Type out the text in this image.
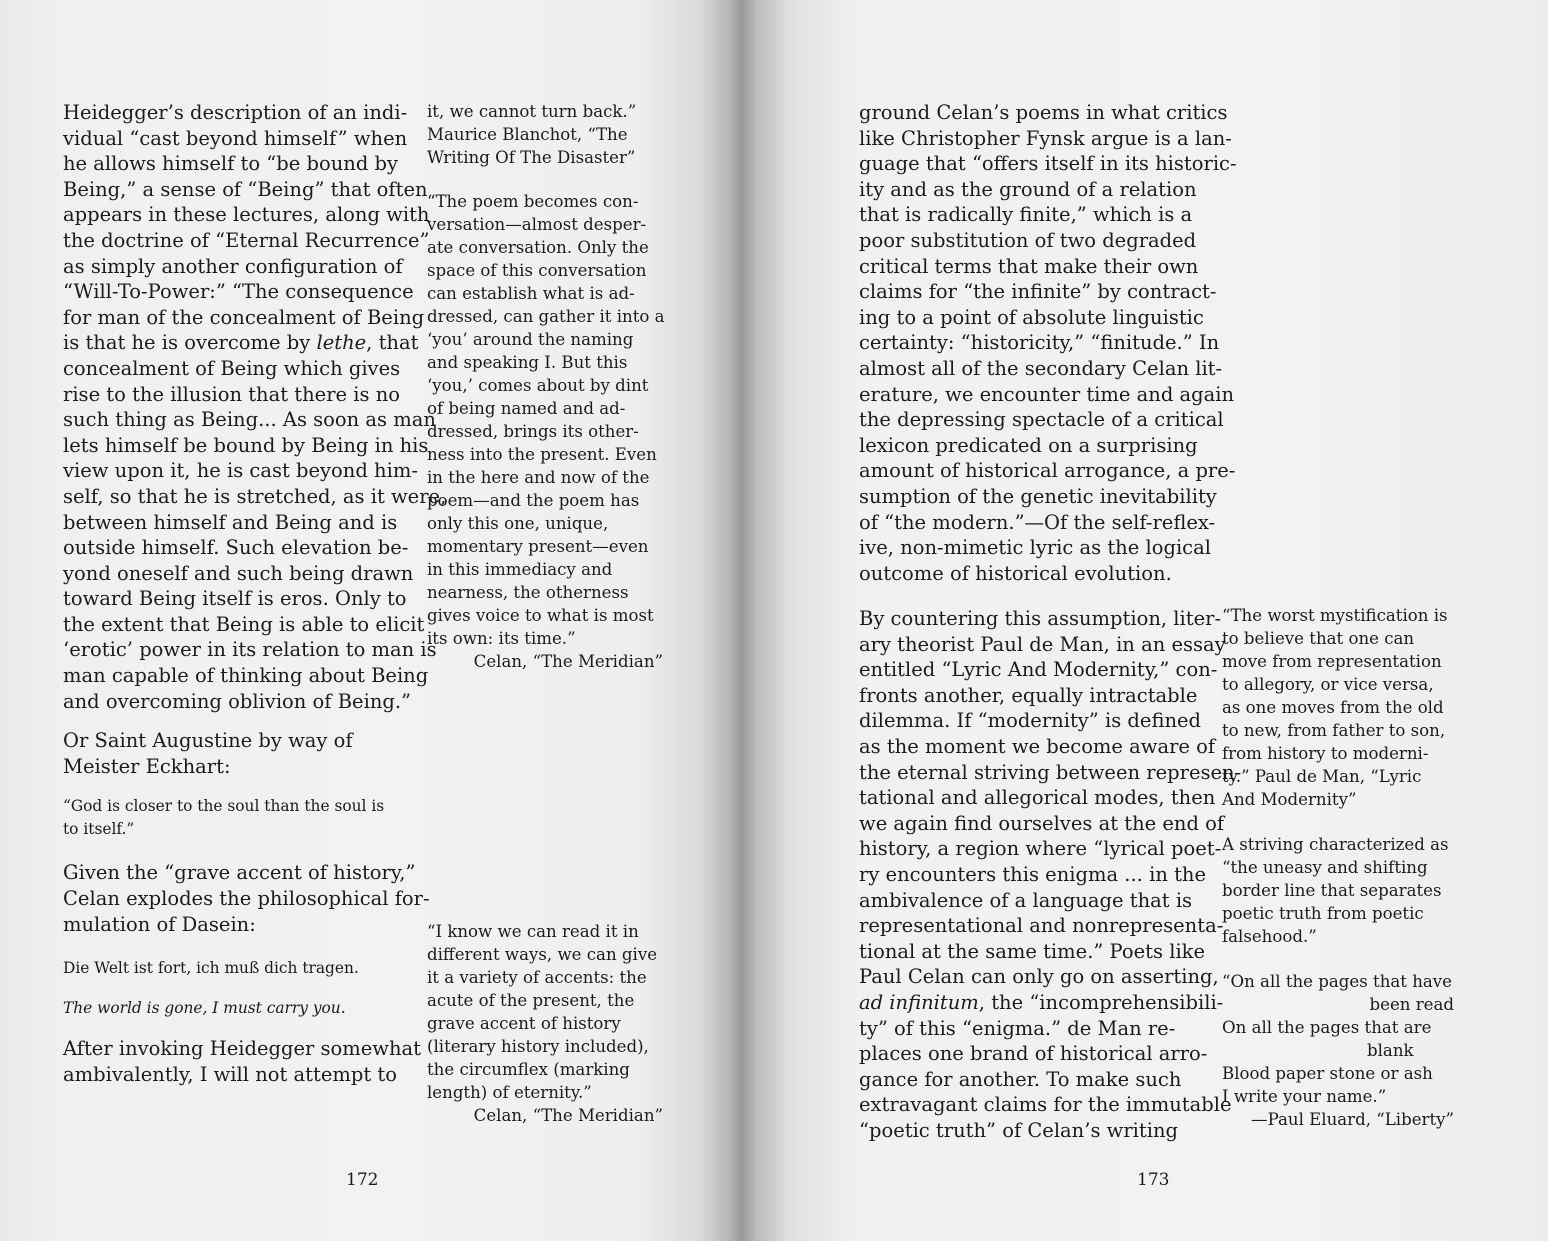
Heidegger’s description of an indi-
vidual “cast beyond himself” when
he allows himself to “be bound by
Being,” a sense of “Being” that often
appears in these lectures, along with
the doctrine of “Eternal Recurrence”
as simply another configuration of
“Will-To-Power:” “The consequence
for man of the concealment of Being
is that he is overcome by lethe, that
concealment of Being which gives
rise to the illusion that there is no
such thing as Being... As soon as man
lets himself be bound by Being in his
view upon it, he is cast beyond him-
self, so that he is stretched, as it were,
between himself and Being and is
outside himself. Such elevation be-
yond oneself and such being drawn
toward Being itself is eros. Only to
the extent that Being is able to elicit
‘erotic’ power in its relation to man is
man capable of thinking about Being
and overcoming oblivion of Being.”

Or Saint Augustine by way of
Meister Eckhart:

“God is closer to the soul than the soul is
to itself.”

Given the “grave accent of history,”
Celan explodes the philosophical for-
mulation of Dasein:

Die Welt ist fort, ich muß dich tragen.

The world is gone, I must carry you.

After invoking Heidegger somewhat
ambivalently, I will not attempt to

it, we cannot turn back.”
Maurice Blanchot, “The
Writing Of The Disaster”

“The poem becomes con-
versation—almost desper-
ate conversation. Only the
space of this conversation
can establish what is ad-
dressed, can gather it into a
‘you’ around the naming
and speaking I. But this
‘you,’ comes about by dint
of being named and ad-
dressed, brings its other-
ness into the present. Even
in the here and now of the
poem—and the poem has
only this one, unique,
momentary present—even
in this immediacy and
nearness, the otherness
gives voice to what is most
its own: its time.”

Celan, “The Meridian”

“I know we can read it in
different ways, we can give
it a variety of accents: the
acute of the present, the
grave accent of history
(literary history included),
the circumflex (marking
length) of eternity.”

Celan, “The Meridian”

172

ground Celan’s poems in what critics
like Christopher Fynsk argue is a lan-
guage that “offers itself in its historic-
ity and as the ground of a relation
that is radically finite,” which is a
poor substitution of two degraded
critical terms that make their own
claims for “the infinite” by contract-
ing to a point of absolute linguistic
certainty: “historicity,” “finitude.” In
almost all of the secondary Celan lit-
erature, we encounter time and again
the depressing spectacle of a critical
lexicon predicated on a surprising
amount of historical arrogance, a pre-
sumption of the genetic inevitability
of “the modern.”—Of the self-reflex-
ive, non-mimetic lyric as the logical
outcome of historical evolution.

By countering this assumption, liter-
ary theorist Paul de Man, in an essay
entitled “Lyric And Modernity,” con-
fronts another, equally intractable
dilemma. If “modernity” is defined
as the moment we become aware of
the eternal striving between represen-
tational and allegorical modes, then
we again find ourselves at the end of
history, a region where “lyrical poet-
ry encounters this enigma ... in the
ambivalence of a language that is
representational and nonrepresenta-
tional at the same time.” Poets like
Paul Celan can only go on asserting,
ad infinitum, the “incomprehensibili-
ty” of this “enigma.” de Man re-
places one brand of historical arro-
gance for another. To make such
extravagant claims for the immutable
“poetic truth” of Celan’s writing

“The worst mystification is
to believe that one can
move from representation
to allegory, or vice versa,
as one moves from the old
to new, from father to son,
from history to moderni-
ty.” Paul de Man, “Lyric
And Modernity”

A striving characterized as
“the uneasy and shifting
border line that separates
poetic truth from poetic
falsehood.”

“On all the pages that have

been read

On all the pages that are

blank

Blood paper stone or ash

I write your name.”

—Paul Eluard, “Liberty”

173
